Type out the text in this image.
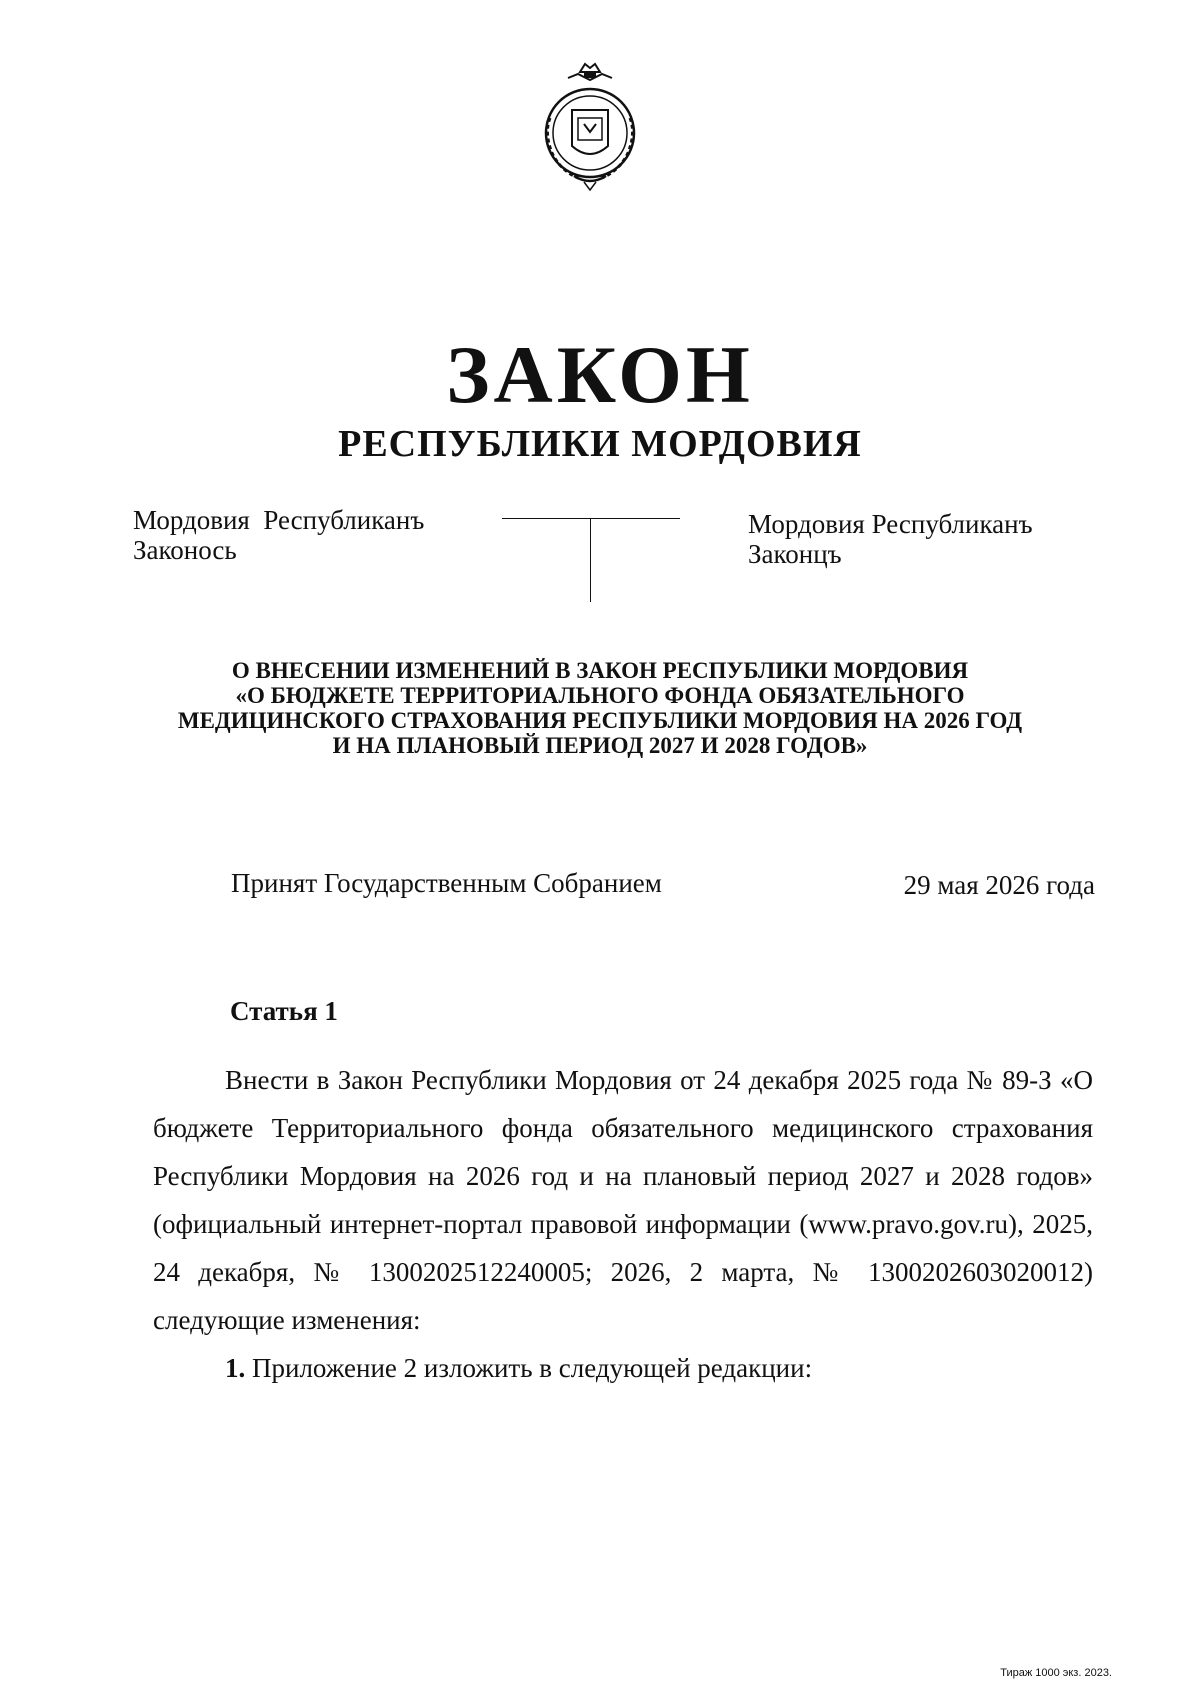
ЗАКОН
РЕСПУБЛИКИ МОРДОВИЯ
Мордовия  Республиканъ
Законось
Мордовия Республиканъ
Законцъ
О ВНЕСЕНИИ ИЗМЕНЕНИЙ В ЗАКОН РЕСПУБЛИКИ МОРДОВИЯ
«О БЮДЖЕТЕ ТЕРРИТОРИАЛЬНОГО ФОНДА ОБЯЗАТЕЛЬНОГО
МЕДИЦИНСКОГО СТРАХОВАНИЯ РЕСПУБЛИКИ МОРДОВИЯ НА 2026 ГОД
И НА ПЛАНОВЫЙ ПЕРИОД 2027 И 2028 ГОДОВ»
Принят Государственным Собранием	29 мая 2026 года
Статья 1

Внести в Закон Республики Мордовия от 24 декабря 2025 года № 89-З «О бюджете Территориального фонда обязательного медицинского страхования Республики Мордовия на 2026 год и на плановый период 2027 и 2028 годов» (официальный интернет-портал правовой информации (www.pravo.gov.ru), 2025, 24 декабря, № 1300202512240005; 2026, 2 марта, № 1300202603020012) следующие изменения:

1. Приложение 2 изложить в следующей редакции:

Тираж 1000 экз. 2023.
